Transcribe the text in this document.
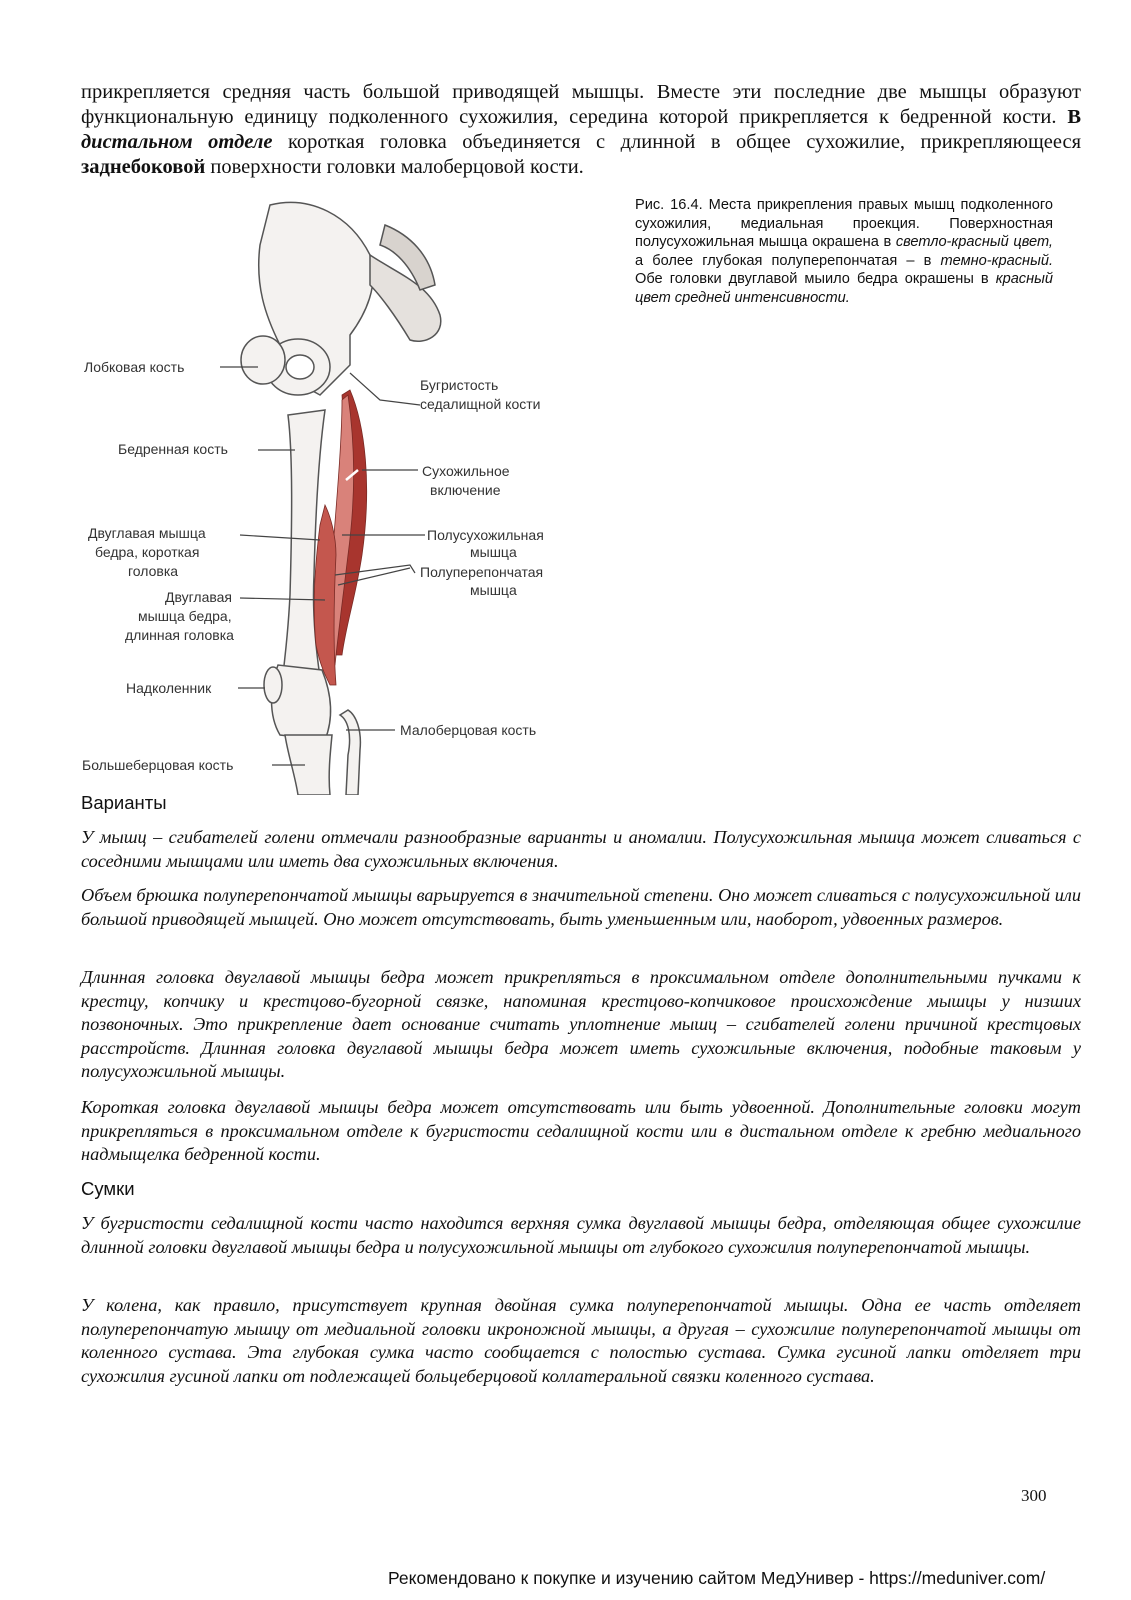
прикрепляется средняя часть большой приводящей мышцы. Вместе эти последние две мышцы образуют функциональную единицу подколенного сухожилия, середина которой прикрепляется к бедренной кости. В дистальном отделе короткая головка объединяется с длинной в общее сухожилие, прикрепляющееся заднебоковой поверхности головки малоберцовой кости.
Лобковая кость
Бугристость
седалищной кости
Бедренная кость
Сухожильное
включение
Двуглавая мышца
бедра, короткая
головка
Полусухожильная
мышца
Полуперепончатая
мышца
Двуглавая
мышца бедра,
длинная головка
Надколенник
Малоберцовая кость
Большеберцовая кость
Рис. 16.4. Места прикрепления правых мышц подколенного сухожилия, медиальная проекция. Поверхностная полусухожильная мышца окрашена в светло-красный цвет, а более глубокая полуперепончатая – в темно-красный. Обе головки двуглавой мыило бедра окрашены в красный цвет средней интенсивности.
Варианты
У мышц – сгибателей голени отмечали разнообразные варианты и аномалии. Полусухожильная мышца может сливаться с соседними мышцами или иметь два сухожильных включения.
Объем брюшка полуперепончатой мышцы варьируется в значительной степени. Оно может сливаться с полусухожильной или большой приводящей мышцей. Оно может отсутствовать, быть уменьшенным или, наоборот, удвоенных размеров.
Длинная головка двуглавой мышцы бедра может прикрепляться в проксимальном отделе дополнительными пучками к крестцу, копчику и крестцово-бугорной связке, напоминая крестцово-копчиковое происхождение мышцы у низших позвоночных. Это прикрепление дает основание считать уплотнение мышц – сгибателей голени причиной крестцовых расстройств. Длинная головка двуглавой мышцы бедра может иметь сухожильные включения, подобные таковым у полусухожильной мышцы.
Короткая головка двуглавой мышцы бедра может отсутствовать или быть удвоенной. Дополнительные головки могут прикрепляться в проксимальном отделе к бугристости седалищной кости или в дистальном отделе к гребню медиального надмыщелка бедренной кости.
Сумки
У бугристости седалищной кости часто находится верхняя сумка двуглавой мышцы бедра, отделяющая общее сухожилие длинной головки двуглавой мышцы бедра и полусухожильной мышцы от глубокого сухожилия полуперепончатой мышцы.
У колена, как правило, присутствует крупная двойная сумка полуперепончатой мышцы. Одна ее часть отделяет полуперепончатую мышцу от медиальной головки икроножной мышцы, а другая – сухожилие полуперепончатой мышцы от коленного сустава. Эта глубокая сумка часто сообщается с полостью сустава. Сумка гусиной лапки отделяет три сухожилия гусиной лапки от подлежащей больцеберцовой коллатеральной связки коленного сустава.
300
Рекомендовано к покупке и изучению сайтом МедУнивер - https://meduniver.com/
